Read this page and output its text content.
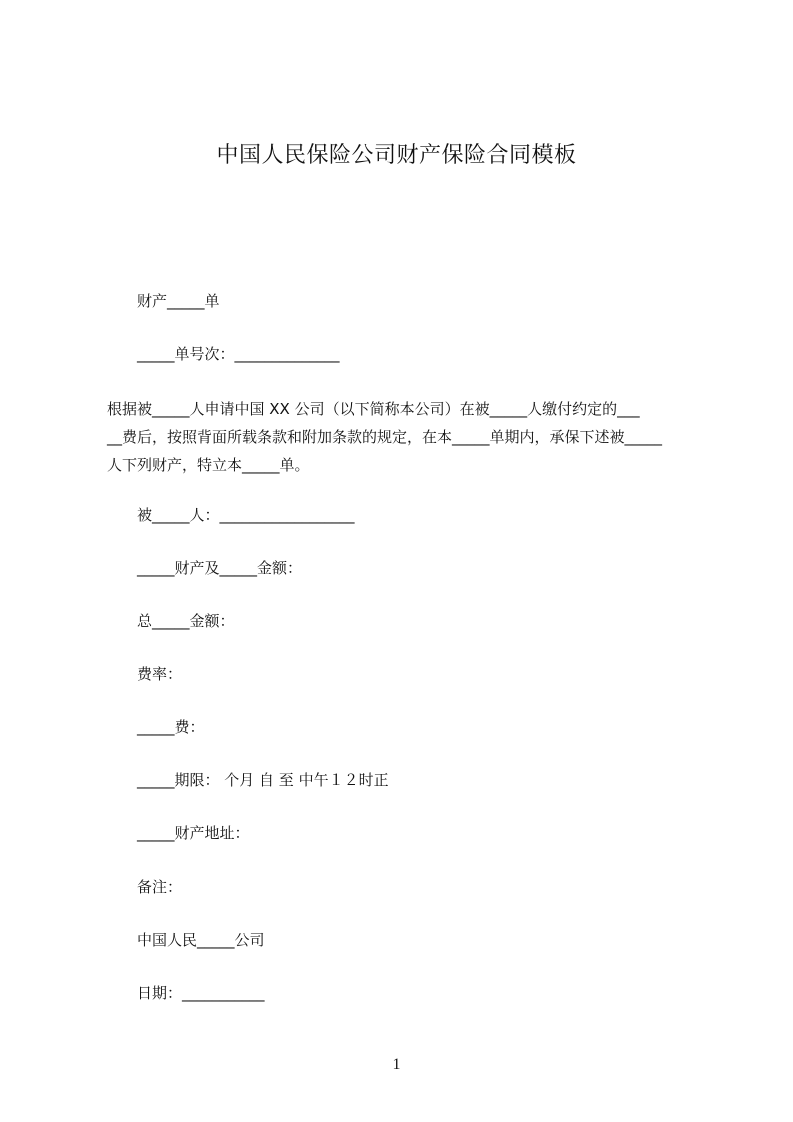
中国人民保险公司财产保险合同模板
财产_____单
_____单号次：______________
根据被_____人申请中国 XX 公司（以下简称本公司）在被_____人缴付约定的___
__费后，按照背面所载条款和附加条款的规定，在本_____单期内，承保下述被_____
人下列财产，特立本_____单。
被_____人：__________________
_____财产及_____金额：
总_____金额：
费率：
_____费：
_____期限： 个月 自 至 中午１２时正
_____财产地址：
备注：
中国人民_____公司
日期：___________
1
